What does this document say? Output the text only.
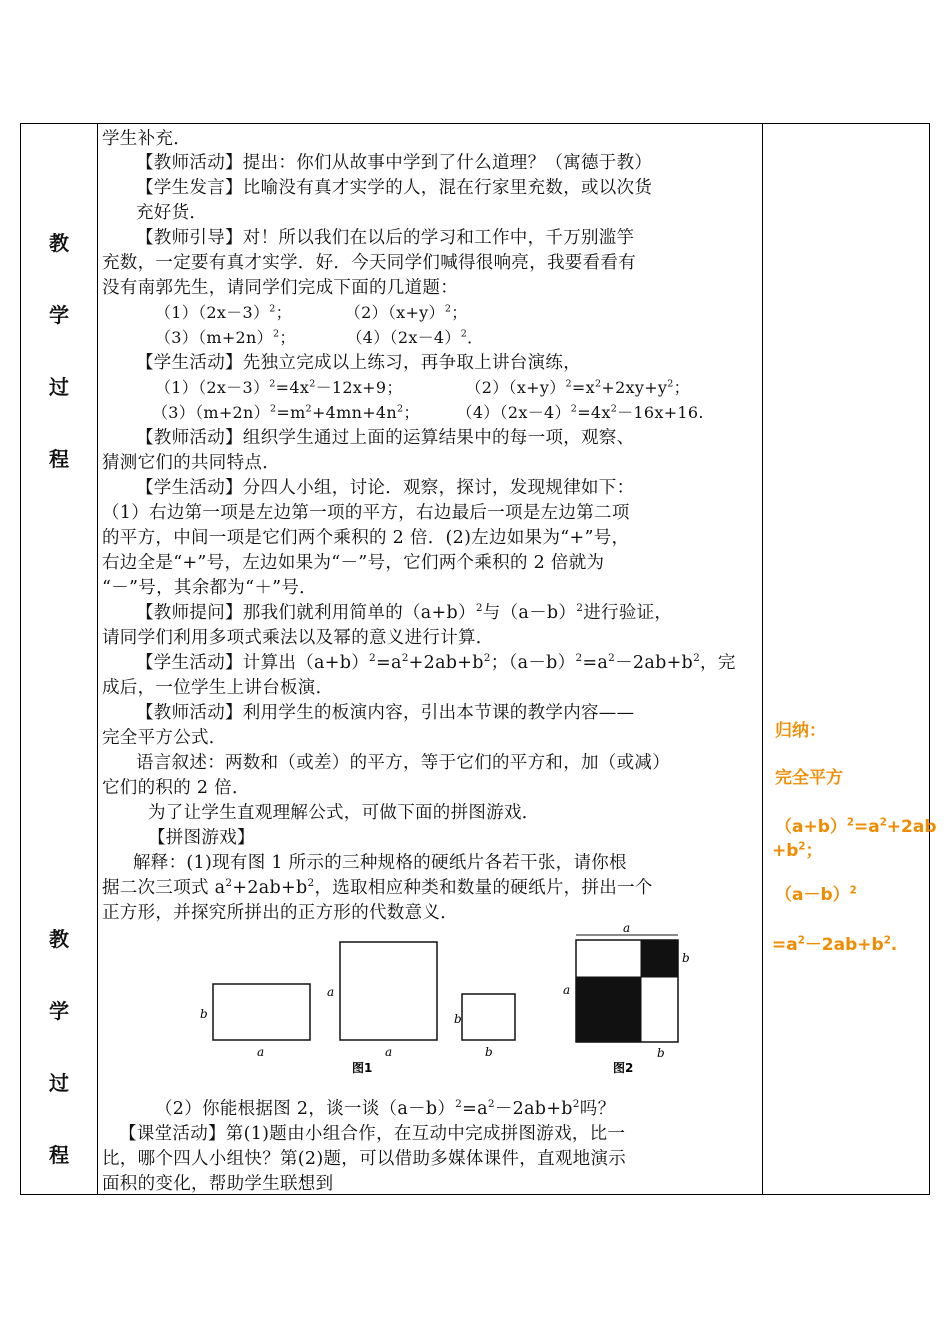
教
学
过
程
教
学
过
程
学生补充．
【教师活动】提出：你们从故事中学到了什么道理？（寓德于教）
【学生发言】比喻没有真才实学的人，混在行家里充数，或以次货
充好货．
【教师引导】对！所以我们在以后的学习和工作中，千万别滥竽
充数，一定要有真才实学．好．今天同学们喊得很响亮，我要看看有
没有南郭先生，请同学们完成下面的几道题：
$(1)(2x-3)^2$；	$(2)(x+y)^2$；
$(3)(m+2n)^2$；	$(4)(2x-4)^2$．
【学生活动】先独立完成以上练习，再争取上讲台演练，
$(1)(2x-3)^2=4x^2-12x+9$；	$(2)(x+y)^2=x^2+2xy+y^2$；
$(3)(m+2n)^2=m^2+4mn+4n^2$； $(4)(2x-4)^2=4x^2-16x+16$.
【教师活动】组织学生通过上面的运算结果中的每一项，观察、
猜测它们的共同特点．
【学生活动】分四人小组，讨论．观察，探讨，发现规律如下：
（1）右边第一项是左边第一项的平方，右边最后一项是左边第二项
的平方，中间一项是它们两个乘积的 2 倍．(2)左边如果为“+”号，
右边全是“+”号，左边如果为“－”号，它们两个乘积的 2 倍就为
“－”号，其余都为“＋”号．
【教师提问】那我们就利用简单的$(a+b)^2$与$(a-b)^2$进行验证，
请同学们利用多项式乘法以及幂的意义进行计算．
【学生活动】计算出$(a+b)^2=a^2+2ab+b^2$；$(a-b)^2=a^2-2ab+b^2$，完
成后，一位学生上讲台板演．
【教师活动】利用学生的板演内容，引出本节课的教学内容——
完全平方公式．
语言叙述：两数和（或差）的平方，等于它们的平方和，加（或减）
它们的积的 2 倍．
为了让学生直观理解公式，可做下面的拼图游戏．
【拼图游戏】
解释：(1)现有图 1 所示的三种规格的硬纸片各若干张，请你根
据二次三项式 $a^2+2ab+b^2$，选取相应种类和数量的硬纸片，拼出一个
正方形，并探究所拼出的正方形的代数意义．
b
a
a
a
b
b
图1
a
b
a
b
图2
（2）你能根据图 2，谈一谈$(a-b)^2=a^2-2ab+b^2$吗？
【课堂活动】第(1)题由小组合作，在互动中完成拼图游戏，比一
比，哪个四人小组快？第(2)题，可以借助多媒体课件，直观地演示
面积的变化，帮助学生联想到
归纳：
完全平方
$(a+b)^2=a^2+2ab$
$+b^2$；
$(a-b)^2$
$=a^2-2ab+b^2$.
